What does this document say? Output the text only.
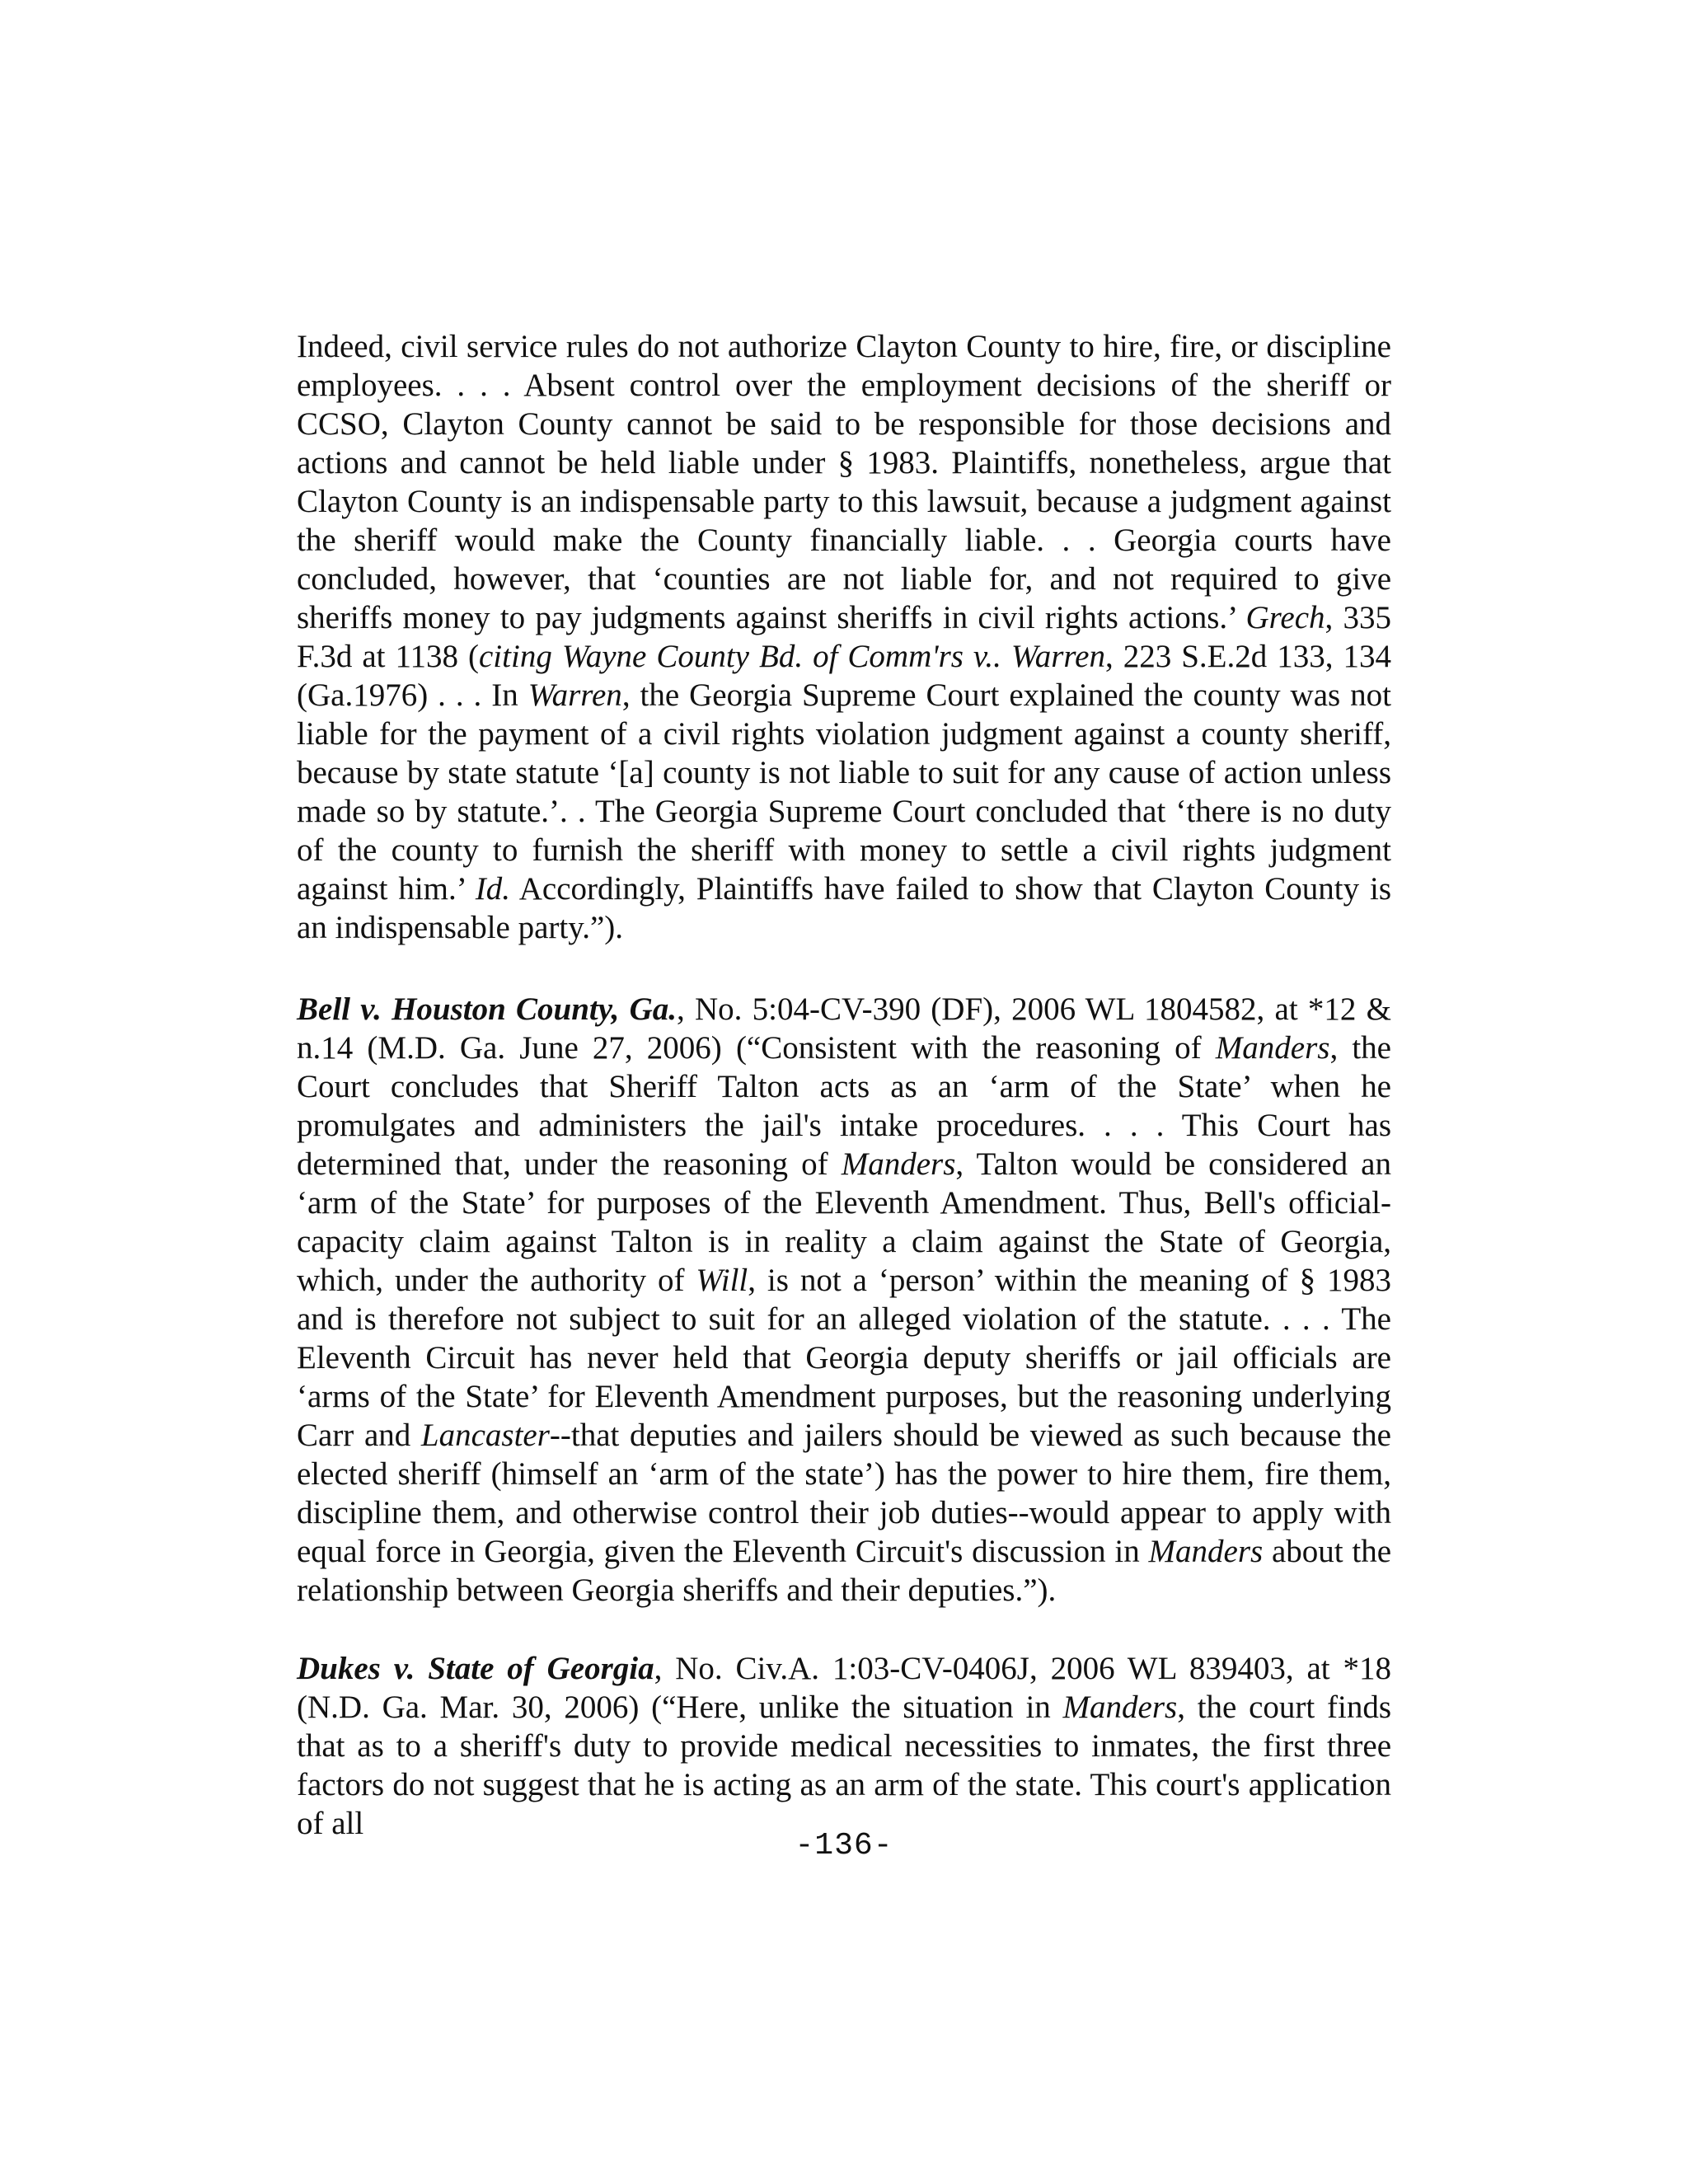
Indeed, civil service rules do not authorize Clayton County to hire, fire, or discipline employees. . . . Absent control over the employment decisions of the sheriff or CCSO, Clayton County cannot be said to be responsible for those decisions and actions and cannot be held liable under § 1983. Plaintiffs, nonetheless, argue that Clayton County is an indispensable party to this lawsuit, because a judgment against the sheriff would make the County financially liable. . . Georgia courts have concluded, however, that ‘counties are not liable for, and not required to give sheriffs money to pay judgments against sheriffs in civil rights actions.’ Grech, 335 F.3d at 1138 (citing Wayne County Bd. of Comm'rs v.. Warren, 223 S.E.2d 133, 134 (Ga.1976) . . . In Warren, the Georgia Supreme Court explained the county was not liable for the payment of a civil rights violation judgment against a county sheriff, because by state statute ‘[a] county is not liable to suit for any cause of action unless made so by statute.’. . The Georgia Supreme Court concluded that ‘there is no duty of the county to furnish the sheriff with money to settle a civil rights judgment against him.’ Id. Accordingly, Plaintiffs have failed to show that Clayton County is an indispensable party.”).

Bell v. Houston County, Ga., No. 5:04-CV-390 (DF), 2006 WL 1804582, at *12 & n.14 (M.D. Ga. June 27, 2006) (“Consistent with the reasoning of Manders, the Court concludes that Sheriff Talton acts as an ‘arm of the State’ when he promulgates and administers the jail's intake procedures. . . . This Court has determined that, under the reasoning of Manders, Talton would be considered an ‘arm of the State’ for purposes of the Eleventh Amendment. Thus, Bell's official-capacity claim against Talton is in reality a claim against the State of Georgia, which, under the authority of Will, is not a ‘person’ within the meaning of § 1983 and is therefore not subject to suit for an alleged violation of the statute. . . . The Eleventh Circuit has never held that Georgia deputy sheriffs or jail officials are ‘arms of the State’ for Eleventh Amendment purposes, but the reasoning underlying Carr and Lancaster--that deputies and jailers should be viewed as such because the elected sheriff (himself an ‘arm of the state’) has the power to hire them, fire them, discipline them, and otherwise control their job duties--would appear to apply with equal force in Georgia, given the Eleventh Circuit's discussion in Manders about the relationship between Georgia sheriffs and their deputies.”).

Dukes v. State of Georgia, No. Civ.A. 1:03-CV-0406J, 2006 WL 839403, at *18 (N.D. Ga. Mar. 30, 2006) (“Here, unlike the situation in Manders, the court finds that as to a sheriff's duty to provide medical necessities to inmates, the first three factors do not suggest that he is acting as an arm of the state. This court's application of all

-136-
